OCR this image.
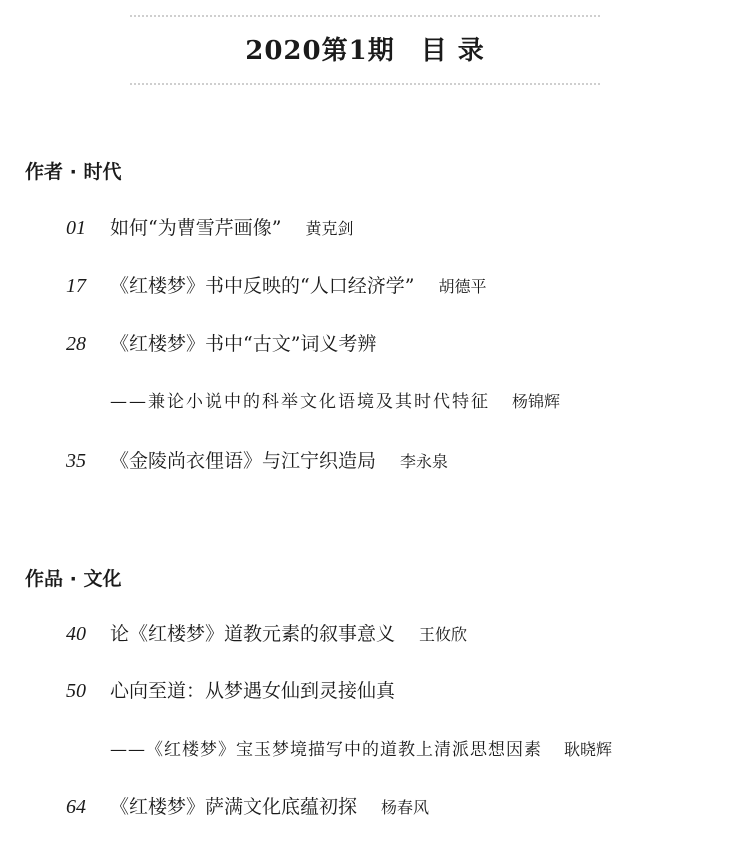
2020第1期 目 录
作者 · 时代
01 如何“为曹雪芹画像” 黄克剑
17 《红楼梦》书中反映的“人口经济学” 胡德平
28 《红楼梦》书中“古文”词义考辨
——兼论小说中的科举文化语境及其时代特征 杨锦辉
35 《金陵尚衣俚语》与江宁织造局 李永泉
作品 · 文化
40 论《红楼梦》道教元素的叙事意义 王攸欣
50 心向至道：从梦遇女仙到灵接仙真
——《红楼梦》宝玉梦境描写中的道教上清派思想因素 耿晓辉
64 《红楼梦》萨满文化底蕴初探 杨春风
